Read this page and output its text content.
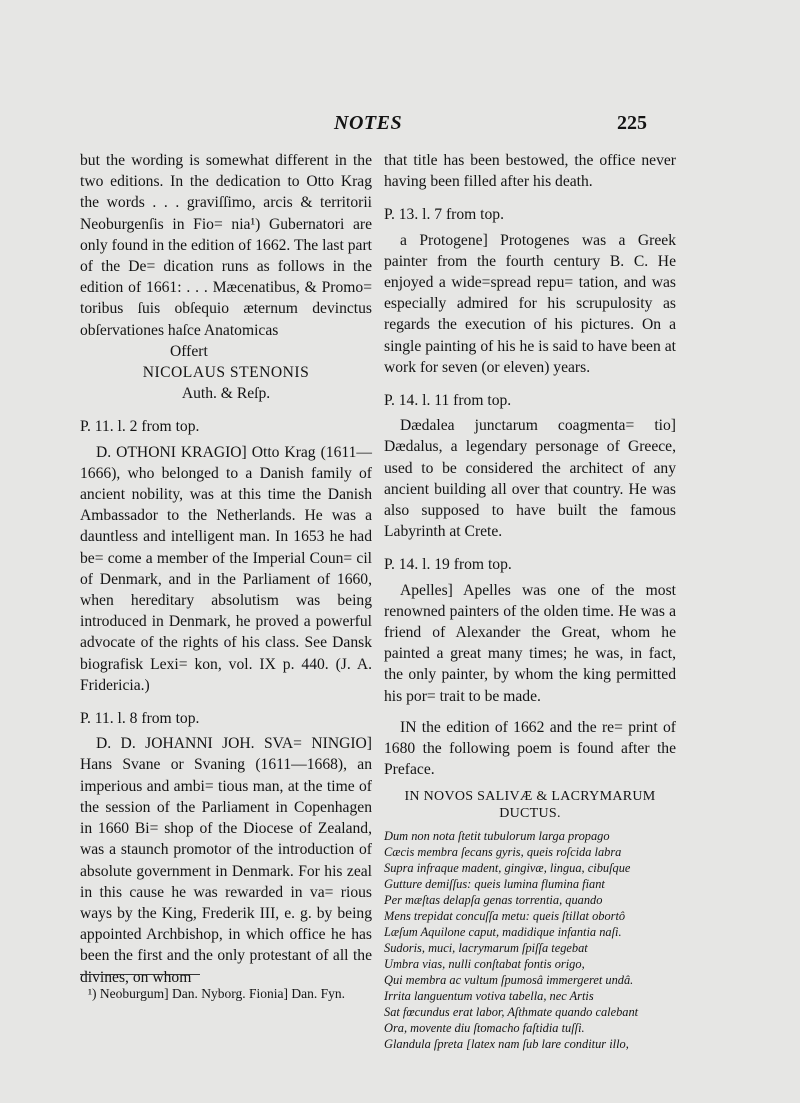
NOTES	225

but the wording is somewhat different in the two editions. In the dedication to Otto Krag the words . . . graviſſimo, arcis & territorii Neoburgenſis in Fio= nia¹) Gubernatori are only found in the edition of 1662. The last part of the De= dication runs as follows in the edition of 1661: . . . Mæcenatibus, & Promo= toribus ſuis obſequio æternum devinctus obſervationes haſce Anatomicas

Offert

NICOLAUS STENONIS

Auth. & Reſp.

P. 11. l. 2 from top.

D. OTHONI KRAGIO] Otto Krag (1611—1666), who belonged to a Danish family of ancient nobility, was at this time the Danish Ambassador to the Netherlands. He was a dauntless and intelligent man. In 1653 he had be= come a member of the Imperial Coun= cil of Denmark, and in the Parliament of 1660, when hereditary absolutism was being introduced in Denmark, he proved a powerful advocate of the rights of his class. See Dansk biografisk Lexi= kon, vol. IX p. 440. (J. A. Fridericia.)

P. 11. l. 8 from top.

D. D. JOHANNI JOH. SVA= NINGIO] Hans Svane or Svaning (1611—1668), an imperious and ambi= tious man, at the time of the session of the Parliament in Copenhagen in 1660 Bi= shop of the Diocese of Zealand, was a staunch promotor of the introduction of absolute government in Denmark. For his zeal in this cause he was rewarded in va= rious ways by the King, Frederik III, e. g. by being appointed Archbishop, in which office he has been the first and the only protestant of all the divines, on whom

¹) Neoburgum] Dan. Nyborg. Fionia] Dan. Fyn.

that title has been bestowed, the office never having been filled after his death.

P. 13. l. 7 from top.

a Protogene] Protogenes was a Greek painter from the fourth century B. C. He enjoyed a wide=spread repu= tation, and was especially admired for his scrupulosity as regards the execution of his pictures. On a single painting of his he is said to have been at work for seven (or eleven) years.

P. 14. l. 11 from top.

Dædalea junctarum coagmenta= tio] Dædalus, a legendary personage of Greece, used to be considered the architect of any ancient building all over that country. He was also supposed to have built the famous Labyrinth at Crete.

P. 14. l. 19 from top.

Apelles] Apelles was one of the most renowned painters of the olden time. He was a friend of Alexander the Great, whom he painted a great many times; he was, in fact, the only painter, by whom the king permitted his por= trait to be made.

IN the edition of 1662 and the re= print of 1680 the following poem is found after the Preface.

IN NOVOS SALIVÆ & LACRYMARUM
DUCTUS.
Dum non nota ſtetit tubulorum larga propago
Cæcis membra ſecans gyris, queis roſcida labra
Supra infraque madent, gingivæ, lingua, cibuſque
Gutture demiſſus: queis lumina flumina fiant
Per mæſtas delapſa genas torrentia, quando
Mens trepidat concuſſa metu: queis ſtillat obortô
Læſum Aquilone caput, madidique infantia naſi.
Sudoris, muci, lacrymarum ſpiſſa tegebat
Umbra vias, nulli conſtabat fontis origo,
Qui membra ac vultum ſpumosâ immergeret undâ.
Irrita languentum votiva tabella, nec Artis
Sat fœcundus erat labor, Aſthmate quando calebant
Ora, movente diu ſtomacho faſtidia tuſſi.
Glandula ſpreta [latex nam ſub lare conditur illo,
